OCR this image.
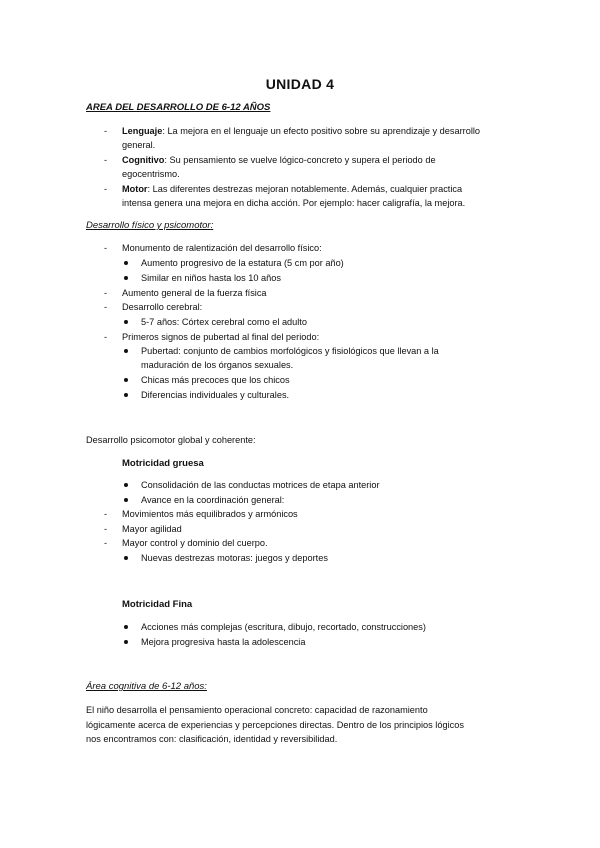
UNIDAD 4
AREA DEL DESARROLLO DE 6-12 AÑOS
- Lenguaje: La mejora en el lenguaje un efecto positivo sobre su aprendizaje y desarrollo
general.
- Cognitivo: Su pensamiento se vuelve lógico-concreto y supera el periodo de
egocentrismo.
- Motor: Las diferentes destrezas mejoran notablemente. Además, cualquier practica
intensa genera una mejora en dicha acción. Por ejemplo: hacer caligrafía, la mejora.
Desarrollo físico y psicomotor:
- Monumento de ralentización del desarrollo físico:
Aumento progresivo de la estatura (5 cm por año)
Similar en niños hasta los 10 años
- Aumento general de la fuerza física
- Desarrollo cerebral:
5-7 años: Córtex cerebral como el adulto
- Primeros signos de pubertad al final del periodo:
Pubertad: conjunto de cambios morfológicos y fisiológicos que llevan a la
maduración de los órganos sexuales.
Chicas más precoces que los chicos
Diferencias individuales y culturales.
Desarrollo psicomotor global y coherente:
Motricidad gruesa
Consolidación de las conductas motrices de etapa anterior
Avance en la coordinación general:
- Movimientos más equilibrados y armónicos
- Mayor agilidad
- Mayor control y dominio del cuerpo.
Nuevas destrezas motoras: juegos y deportes
Motricidad Fina
Acciones más complejas (escritura, dibujo, recortado, construcciones)
Mejora progresiva hasta la adolescencia
Área cognitiva de 6-12 años:
El niño desarrolla el pensamiento operacional concreto: capacidad de razonamiento
lógicamente acerca de experiencias y percepciones directas. Dentro de los principios lógicos
nos encontramos con: clasificación, identidad y reversibilidad.
